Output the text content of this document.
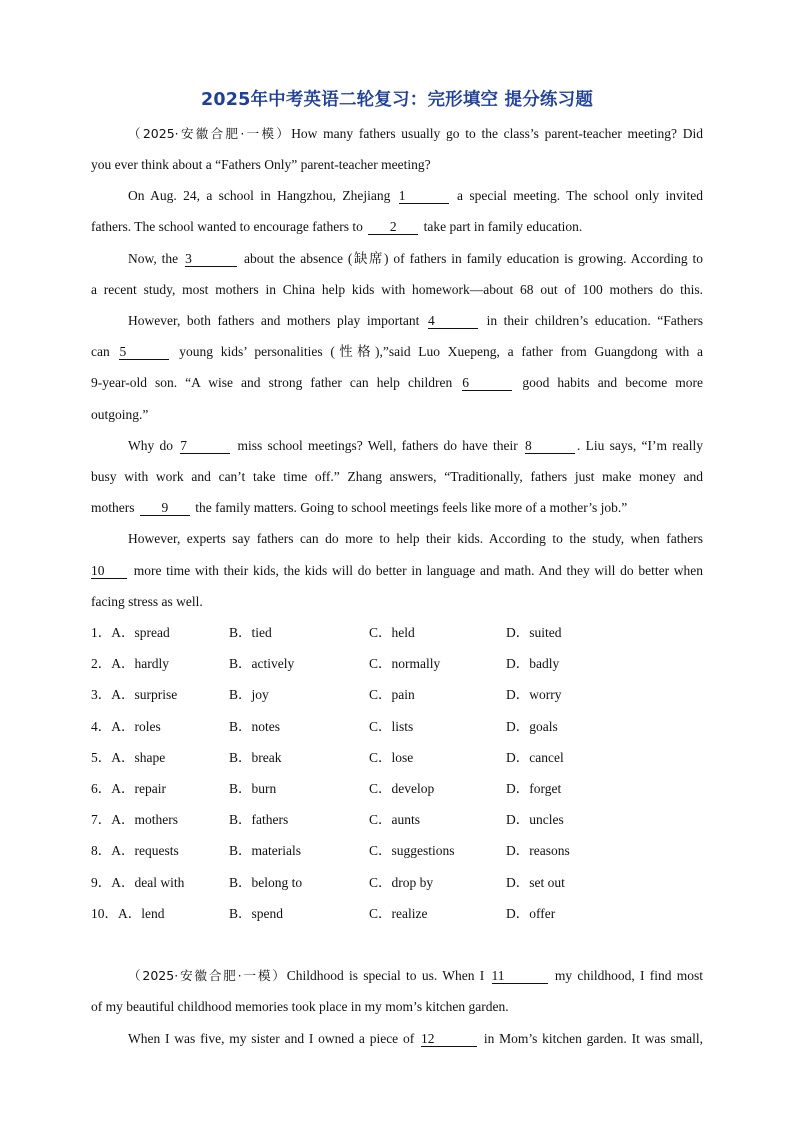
2025年中考英语二轮复习：完形填空 提分练习题
（2025·安徽合肥·一模）How many fathers usually go to the class’s parent-teacher meeting? Did
you ever think about a “Fathers Only” parent-teacher meeting?
On Aug. 24, a school in Hangzhou, Zhejiang 1	a special meeting. The school only invited
fathers. The school wanted to encourage fathers to 2 take part in family education.
Now, the 3	about the absence (缺席) of fathers in family education is growing. According to
a recent study, most mothers in China help kids with homework—about 68 out of 100 mothers do this.
However, both fathers and mothers play important 4	in their children’s education. “Fathers
can 5	young kids’ personalities (性格),”said Luo Xuepeng, a father from Guangdong with a
9-year-old son. “A wise and strong father can help children 6	good habits and become more
outgoing.”
Why do 7	miss school meetings? Well, fathers do have their 8	. Liu says, “I’m really
busy with work and can’t take time off.” Zhang answers, “Traditionally, fathers just make money and
mothers 9 the family matters. Going to school meetings feels like more of a mother’s job.”
However, experts say fathers can do more to help their kids. According to the study, when fathers
10 more time with their kids, the kids will do better in language and math. And they will do better when
facing stress as well.
1．A．spread	B．tied	C．held	D．suited
2．A．hardly	B．actively	C．normally	D．badly
3．A．surprise	B．joy	C．pain	D．worry
4．A．roles	B．notes	C．lists	D．goals
5．A．shape	B．break	C．lose	D．cancel
6．A．repair	B．burn	C．develop	D．forget
7．A．mothers	B．fathers	C．aunts	D．uncles
8．A．requests	B．materials	C．suggestions	D．reasons
9．A．deal with	B．belong to	C．drop by	D．set out
10．A．lend	B．spend	C．realize	D．offer
（2025·安徽合肥·一模）Childhood is special to us. When I 11	my childhood, I find most
of my beautiful childhood memories took place in my mom’s kitchen garden.
When I was five, my sister and I owned a piece of 12	in Mom’s kitchen garden. It was small,
